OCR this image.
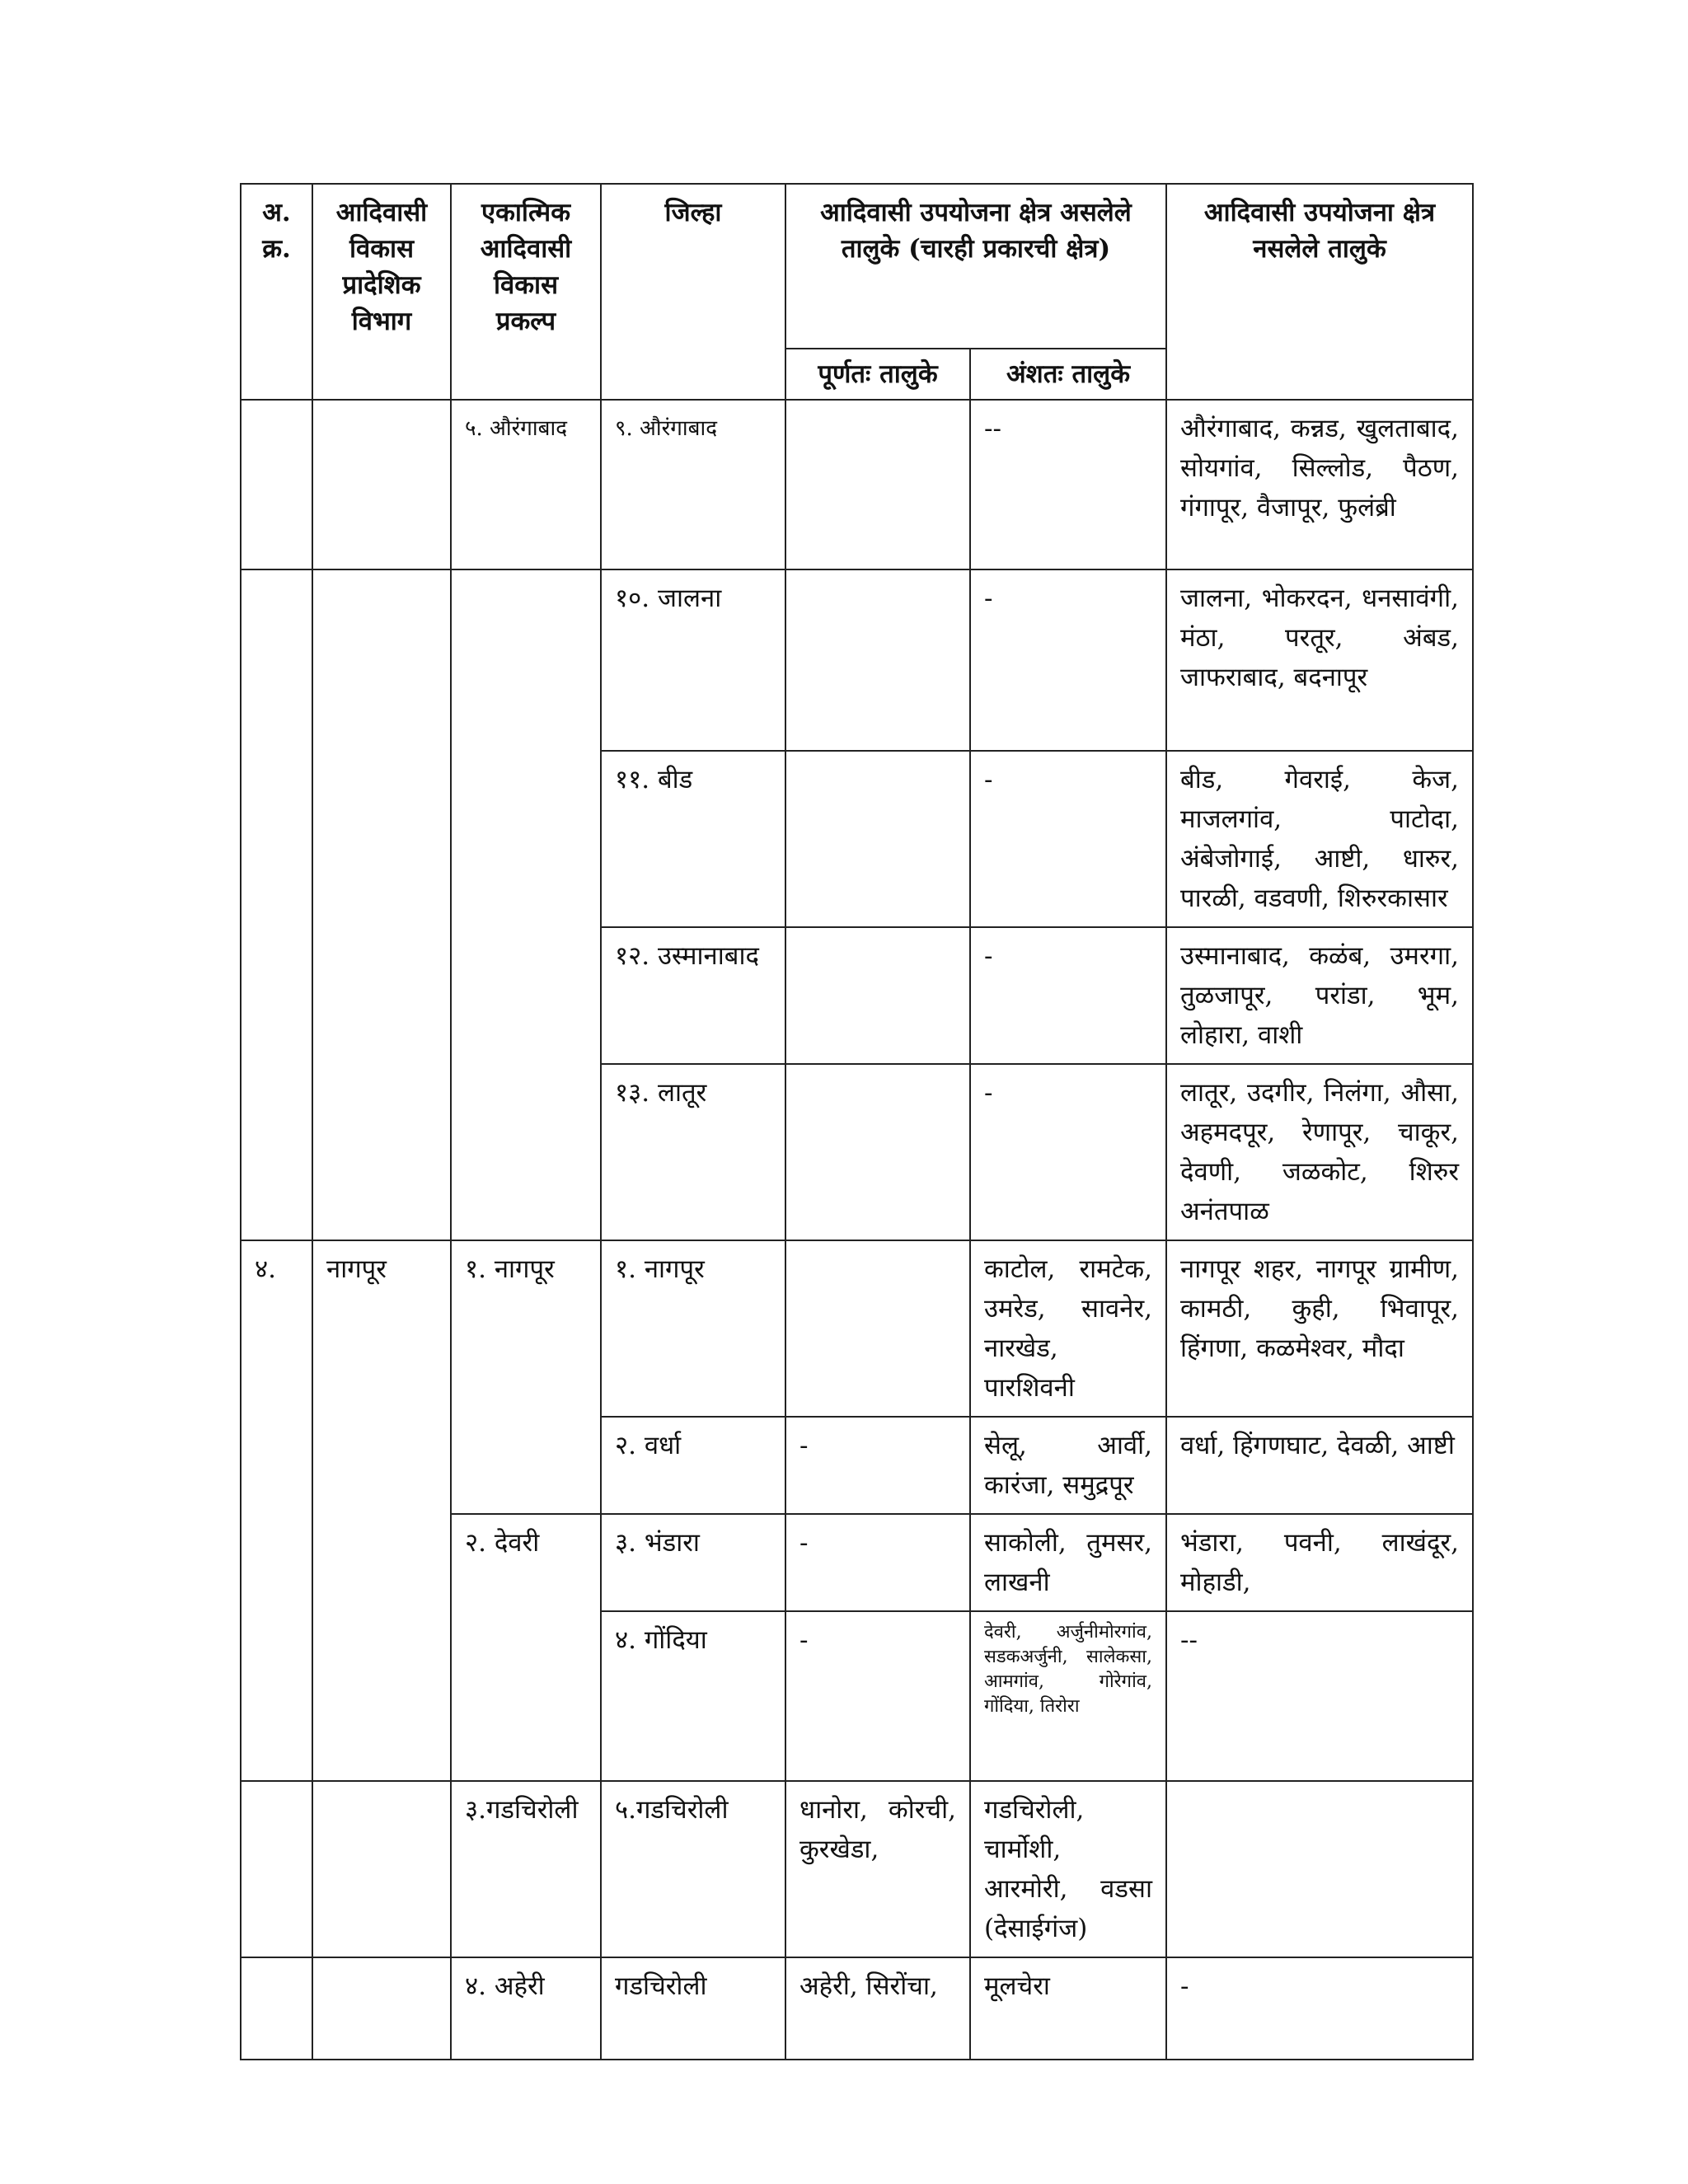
अ. क्र.	आदिवासी विकास प्रादेशिक विभाग	एकात्मिक आदिवासी विकास प्रकल्प	जिल्हा	आदिवासी उपयोजना क्षेत्र असलेले तालुके (चारही प्रकारची क्षेत्र)		आदिवासी उपयोजना क्षेत्र नसलेले तालुके
				पूर्णतः तालुके	अंशतः तालुके	
		५. औरंगाबाद	९. औरंगाबाद		--	औरंगाबाद, कन्नड, खुलताबाद, सोयगांव, सिल्लोड, पैठण, गंगापूर, वैजापूर, फुलंब्री
			१०. जालना		-	जालना, भोकरदन, धनसावंगी, मंठा, परतूर, अंबड, जाफराबाद, बदनापूर
			११. बीड		-	बीड, गेवराई, केज, माजलगांव, पाटोदा, अंबेजोगाई, आष्टी, धारुर, पारळी, वडवणी, शिरुरकासार
			१२. उस्मानाबाद		-	उस्मानाबाद, कळंब, उमरगा, तुळजापूर, परांडा, भूम, लोहारा, वाशी
			१३. लातूर		-	लातूर, उदगीर, निलंगा, औसा, अहमदपूर, रेणापूर, चाकूर, देवणी, जळकोट, शिरुर अनंतपाळ
४.	नागपूर	१. नागपूर	१. नागपूर		काटोल, रामटेक, उमरेड, सावनेर, नारखेड, पारशिवनी	नागपूर शहर, नागपूर ग्रामीण, कामठी, कुही, भिवापूर, हिंगणा, कळमेश्वर, मौदा
			२. वर्धा	-	सेलू, आर्वी, कारंजा, समुद्रपूर	वर्धा, हिंगणघाट, देवळी, आष्टी
		२. देवरी	३. भंडारा	-	साकोली, तुमसर, लाखनी	भंडारा, पवनी, लाखंदूर, मोहाडी,
			४. गोंदिया	-	देवरी, अर्जुनीमोरगांव, सडकअर्जुनी, सालेकसा, आमगांव, गोरेगांव, गोंदिया, तिरोरा	--
		३.गडचिरोली	५.गडचिरोली	धानोरा, कोरची, कुरखेडा,	गडचिरोली, चार्मोशी, आरमोरी, वडसा (देसाईगंज)	
		४. अहेरी	गडचिरोली	अहेरी, सिरोंचा,	मूलचेरा	-
